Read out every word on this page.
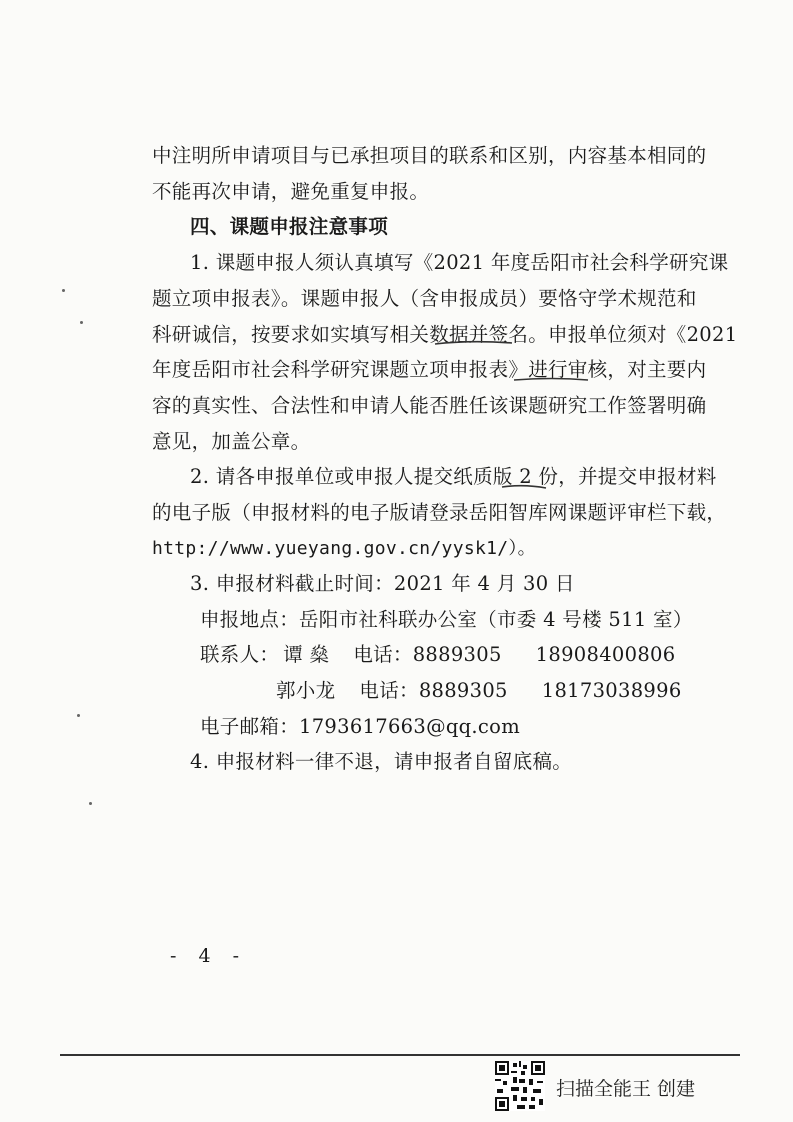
中注明所申请项目与已承担项目的联系和区别，内容基本相同的
不能再次申请，避免重复申报。
四、课题申报注意事项
1. 课题申报人须认真填写《2021 年度岳阳市社会科学研究课
题立项申报表》。课题申报人（含申报成员）要恪守学术规范和
科研诚信，按要求如实填写相关数据并签名。申报单位须对《2021
年度岳阳市社会科学研究课题立项申报表》进行审核，对主要内
容的真实性、合法性和申请人能否胜任该课题研究工作签署明确
意见，加盖公章。
2. 请各申报单位或申报人提交纸质版 2 份，并提交申报材料
的电子版（申报材料的电子版请登录岳阳智库网课题评审栏下载，
http://www.yueyang.gov.cn/yysk1/）。
3. 申报材料截止时间：2021 年 4 月 30 日
申报地点：岳阳市社科联办公室（市委 4 号楼 511 室）
联系人： 谭 燊 电话：8889305 18908400806
郭小龙 电话：8889305 18173038996
电子邮箱：1793617663@qq.com
4. 申报材料一律不退，请申报者自留底稿。
- 4 -
扫描全能王 创建
